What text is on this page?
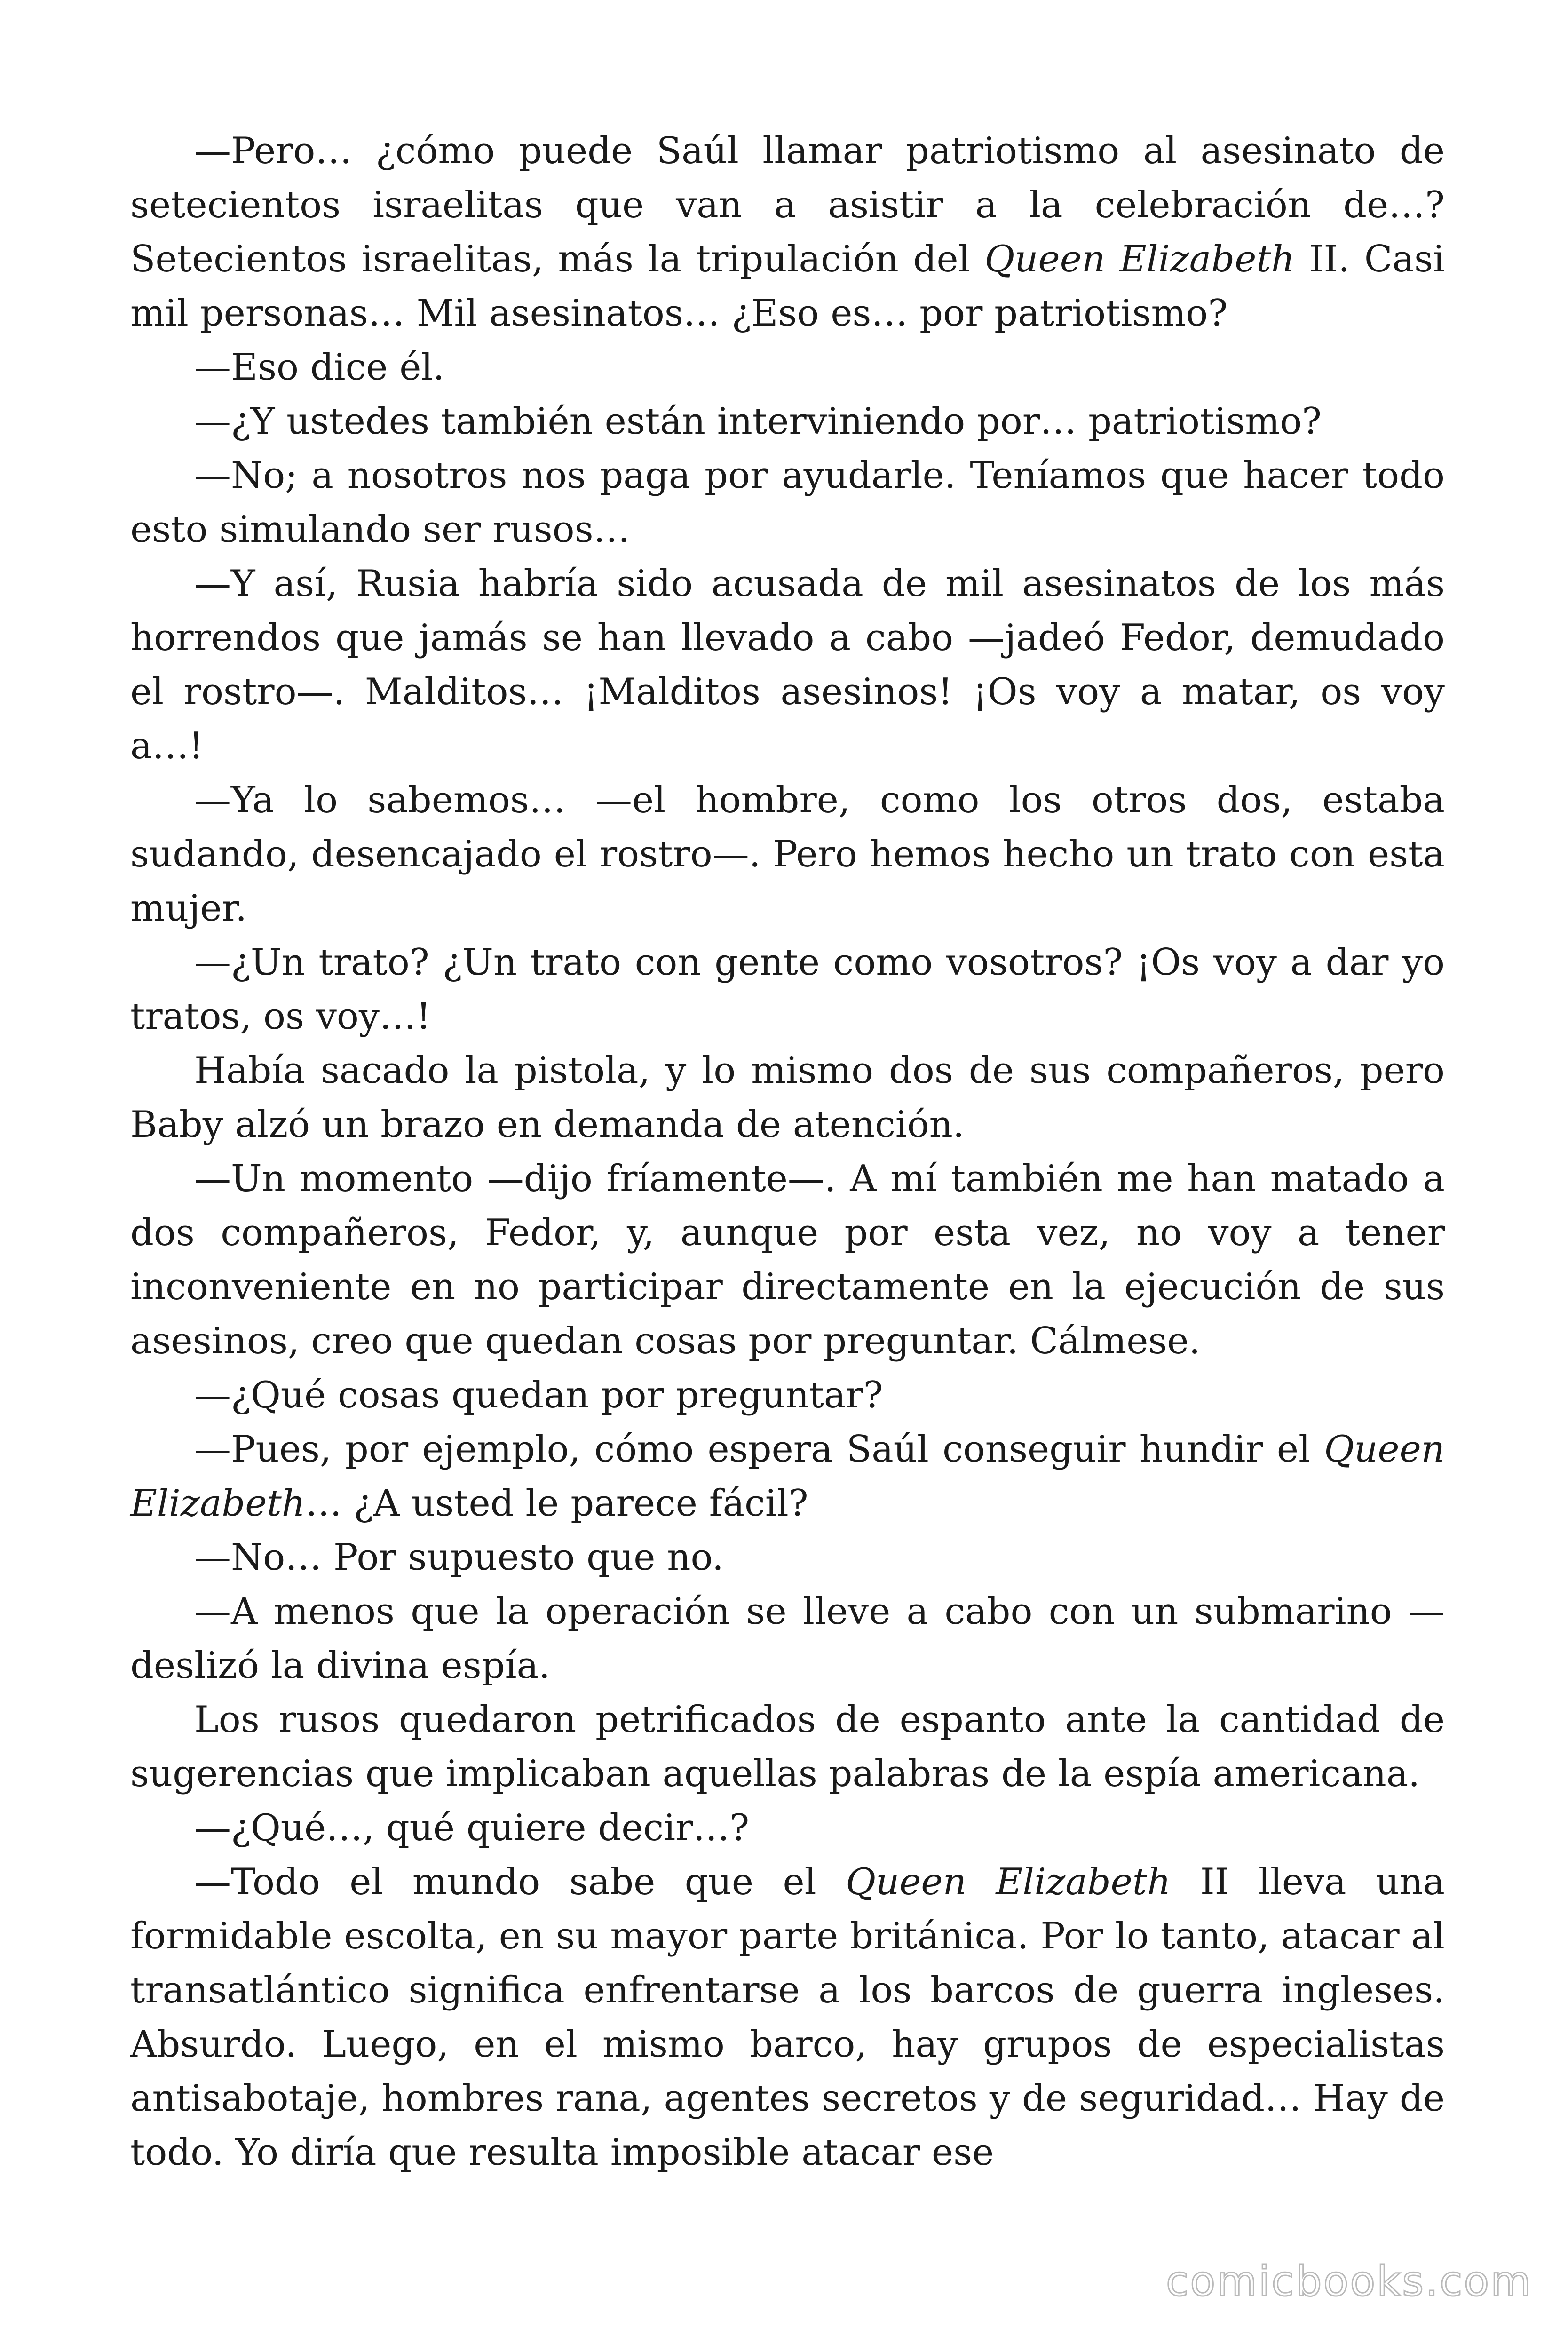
—Pero… ¿cómo puede Saúl llamar patriotismo al asesinato de setecientos israelitas que van a asistir a la celebración de…? Setecientos israelitas, más la tripulación del Queen Elizabeth II. Casi mil personas… Mil asesinatos… ¿Eso es… por patriotismo?

—Eso dice él.

—¿Y ustedes también están interviniendo por… patriotismo?

—No; a nosotros nos paga por ayudarle. Teníamos que hacer todo esto simulando ser rusos…

—Y así, Rusia habría sido acusada de mil asesinatos de los más horrendos que jamás se han llevado a cabo —jadeó Fedor, demudado el rostro—. Malditos… ¡Malditos asesinos! ¡Os voy a matar, os voy a…!

—Ya lo sabemos… —el hombre, como los otros dos, estaba sudando, desencajado el rostro—. Pero hemos hecho un trato con esta mujer.

—¿Un trato? ¿Un trato con gente como vosotros? ¡Os voy a dar yo tratos, os voy…!

Había sacado la pistola, y lo mismo dos de sus compañeros, pero Baby alzó un brazo en demanda de atención.

—Un momento —dijo fríamente—. A mí también me han matado a dos compañeros, Fedor, y, aunque por esta vez, no voy a tener inconveniente en no participar directamente en la ejecución de sus asesinos, creo que quedan cosas por preguntar. Cálmese.

—¿Qué cosas quedan por preguntar?

—Pues, por ejemplo, cómo espera Saúl conseguir hundir el Queen Elizabeth… ¿A usted le parece fácil?

—No… Por supuesto que no.

—A menos que la operación se lleve a cabo con un submarino — deslizó la divina espía.

Los rusos quedaron petrificados de espanto ante la cantidad de sugerencias que implicaban aquellas palabras de la espía americana.

—¿Qué…, qué quiere decir…?

—Todo el mundo sabe que el Queen Elizabeth II lleva una formidable escolta, en su mayor parte británica. Por lo tanto, atacar al transatlántico significa enfrentarse a los barcos de guerra ingleses. Absurdo. Luego, en el mismo barco, hay grupos de especialistas antisabotaje, hombres rana, agentes secretos y de seguridad… Hay de todo. Yo diría que resulta imposible atacar ese

comicbooks.com
